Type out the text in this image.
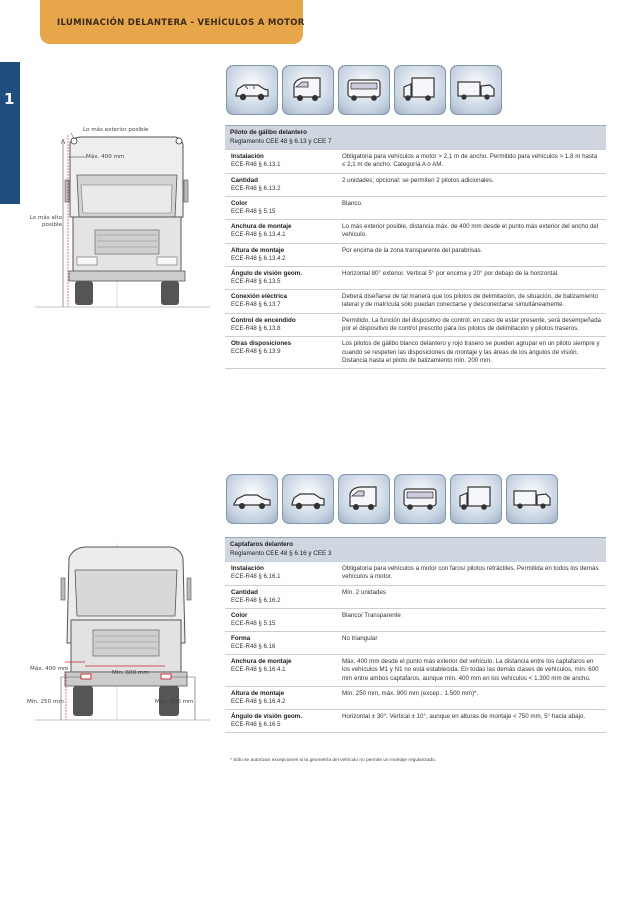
ILUMINACIÓN DELANTERA - VEHÍCULOS A MOTOR
1
Lo más exterior posible
Máx. 400 mm
Lo más alto posible
Piloto de gálibo delantero
Reglamento CEE 48 § 6.13 y CEE 7
Instalación
ECE-R48 § 6.13.1
Obligatoria para vehículos a motor > 2,1 m de ancho. Permitido para vehículos > 1,8 m hasta ≤ 2,1 m de ancho. Categoría A o AM.
Cantidad
ECE-R48 § 6.13.2
2 unidades; opcional: se permiten 2 pilotos adicionales.
Color
ECE-R48 § 5.15
Blanco.
Anchura de montaje
ECE-R48 § 6.13.4.1
Lo más exterior posible, distancia máx. de 400 mm desde el punto más exterior del ancho del vehículo.
Altura de montaje
ECE-R48 § 6.13.4.2
Por encima de la zona transparente del parabrisas.
Ángulo de visión geom.
ECE-R48 § 6.13.5
Horizontal 80° exterior. Vertical 5° por encima y 20° por debajo de la horizontal.
Conexión eléctrica
ECE-R48 § 6.13.7
Deberá diseñarse de tal manera que los pilotos de delimitación, de situación, de balizamiento lateral y de matrícula sólo puedan conectarse y desconectarse simultáneamente.
Control de encendido
ECE-R48 § 6.13.8
Permitido. La función del dispositivo de control, en caso de estar presente, será desempeñada por el dispositivo de control prescrito para los pilotos de delimitación y pilotos traseros.
Otras disposiciones
ECE-R48 § 6.13.9
Los pilotos de gálibo blanco delantero y rojo trasero se pueden agrupar en un piloto siempre y cuando se respeten las disposiciones de montaje y las áreas de los ángulos de visión. Distancia hasta el piloto de balizamiento mín. 200 mm.
Máx. 400 mm
Mín. 600 mm
Mín. 250 mm	Máx. 900 mm
Captafaros delantero
Reglamento CEE 48 § 6.16 y CEE 3
Instalación
ECE-R48 § 6.16.1
Obligatoria para vehículos a motor con faros/ pilotos retráctiles. Permitida en todos los demás vehículos a motor.
Cantidad
ECE-R48 § 6.16.2
Mín. 2 unidades
Color
ECE-R48 § 5.15
Blanco/ Transparente
Forma
ECE-R48 § 6.16
No triangular
Anchura de montaje
ECE-R48 § 6.16.4.1
Máx. 400 mm desde el punto más exterior del vehículo. La distancia entre los captafaros en los vehículos M1 y N1 no está establecida. En todas las demás clases de vehículos, mín. 600 mm entre ambos captafaros, aunque mín. 400 mm en los vehículos < 1.300 mm de ancho.
Altura de montaje
ECE-R48 § 6.16.4.2
Mín. 250 mm, máx. 900 mm (excep.: 1.500 mm)*.
Ángulo de visión geom.
ECE-R48 § 6.16.5
Horizontal ± 30°. Vertical ± 10°, aunque en alturas de montaje < 750 mm, 5° hacia abajo.
* Sólo se autorizan excepciones si la geometría del vehículo no permite un montaje regularizado.
